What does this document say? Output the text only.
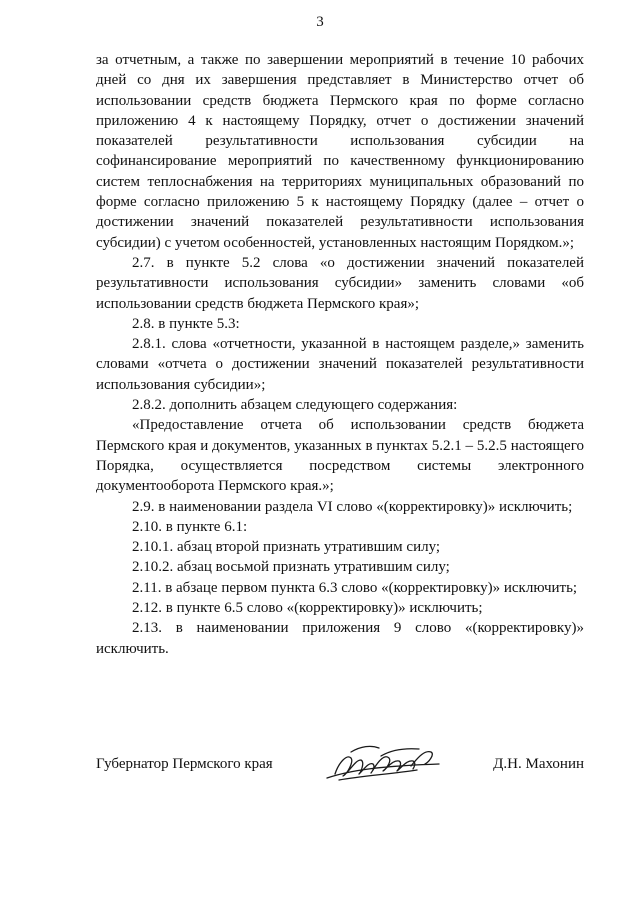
3

за отчетным, а также по завершении мероприятий в течение 10 рабочих дней со дня их завершения представляет в Министерство отчет об использовании средств бюджета Пермского края по форме согласно приложению 4 к настоящему Порядку, отчет о достижении значений показателей результативности использования субсидии на софинансирование мероприятий по качественному функционированию систем теплоснабжения на территориях муниципальных образований по форме согласно приложению 5 к настоящему Порядку (далее – отчет о достижении значений показателей результативности использования субсидии) с учетом особенностей, установленных настоящим Порядком.»;

2.7. в пункте 5.2 слова «о достижении значений показателей результативности использования субсидии» заменить словами «об использовании средств бюджета Пермского края»;

2.8. в пункте 5.3:

2.8.1. слова «отчетности, указанной в настоящем разделе,» заменить словами «отчета о достижении значений показателей результативности использования субсидии»;

2.8.2. дополнить абзацем следующего содержания:

«Предоставление отчета об использовании средств бюджета Пермского края и документов, указанных в пунктах 5.2.1 – 5.2.5 настоящего Порядка, осуществляется посредством системы электронного документооборота Пермского края.»;

2.9. в наименовании раздела VI слово «(корректировку)» исключить;

2.10. в пункте 6.1:

2.10.1. абзац второй признать утратившим силу;

2.10.2. абзац восьмой признать утратившим силу;

2.11. в абзаце первом пункта 6.3 слово «(корректировку)» исключить;

2.12. в пункте 6.5 слово «(корректировку)» исключить;

2.13. в наименовании приложения 9 слово «(корректировку)» исключить.

Губернатор Пермского края	Д.Н. Махонин
